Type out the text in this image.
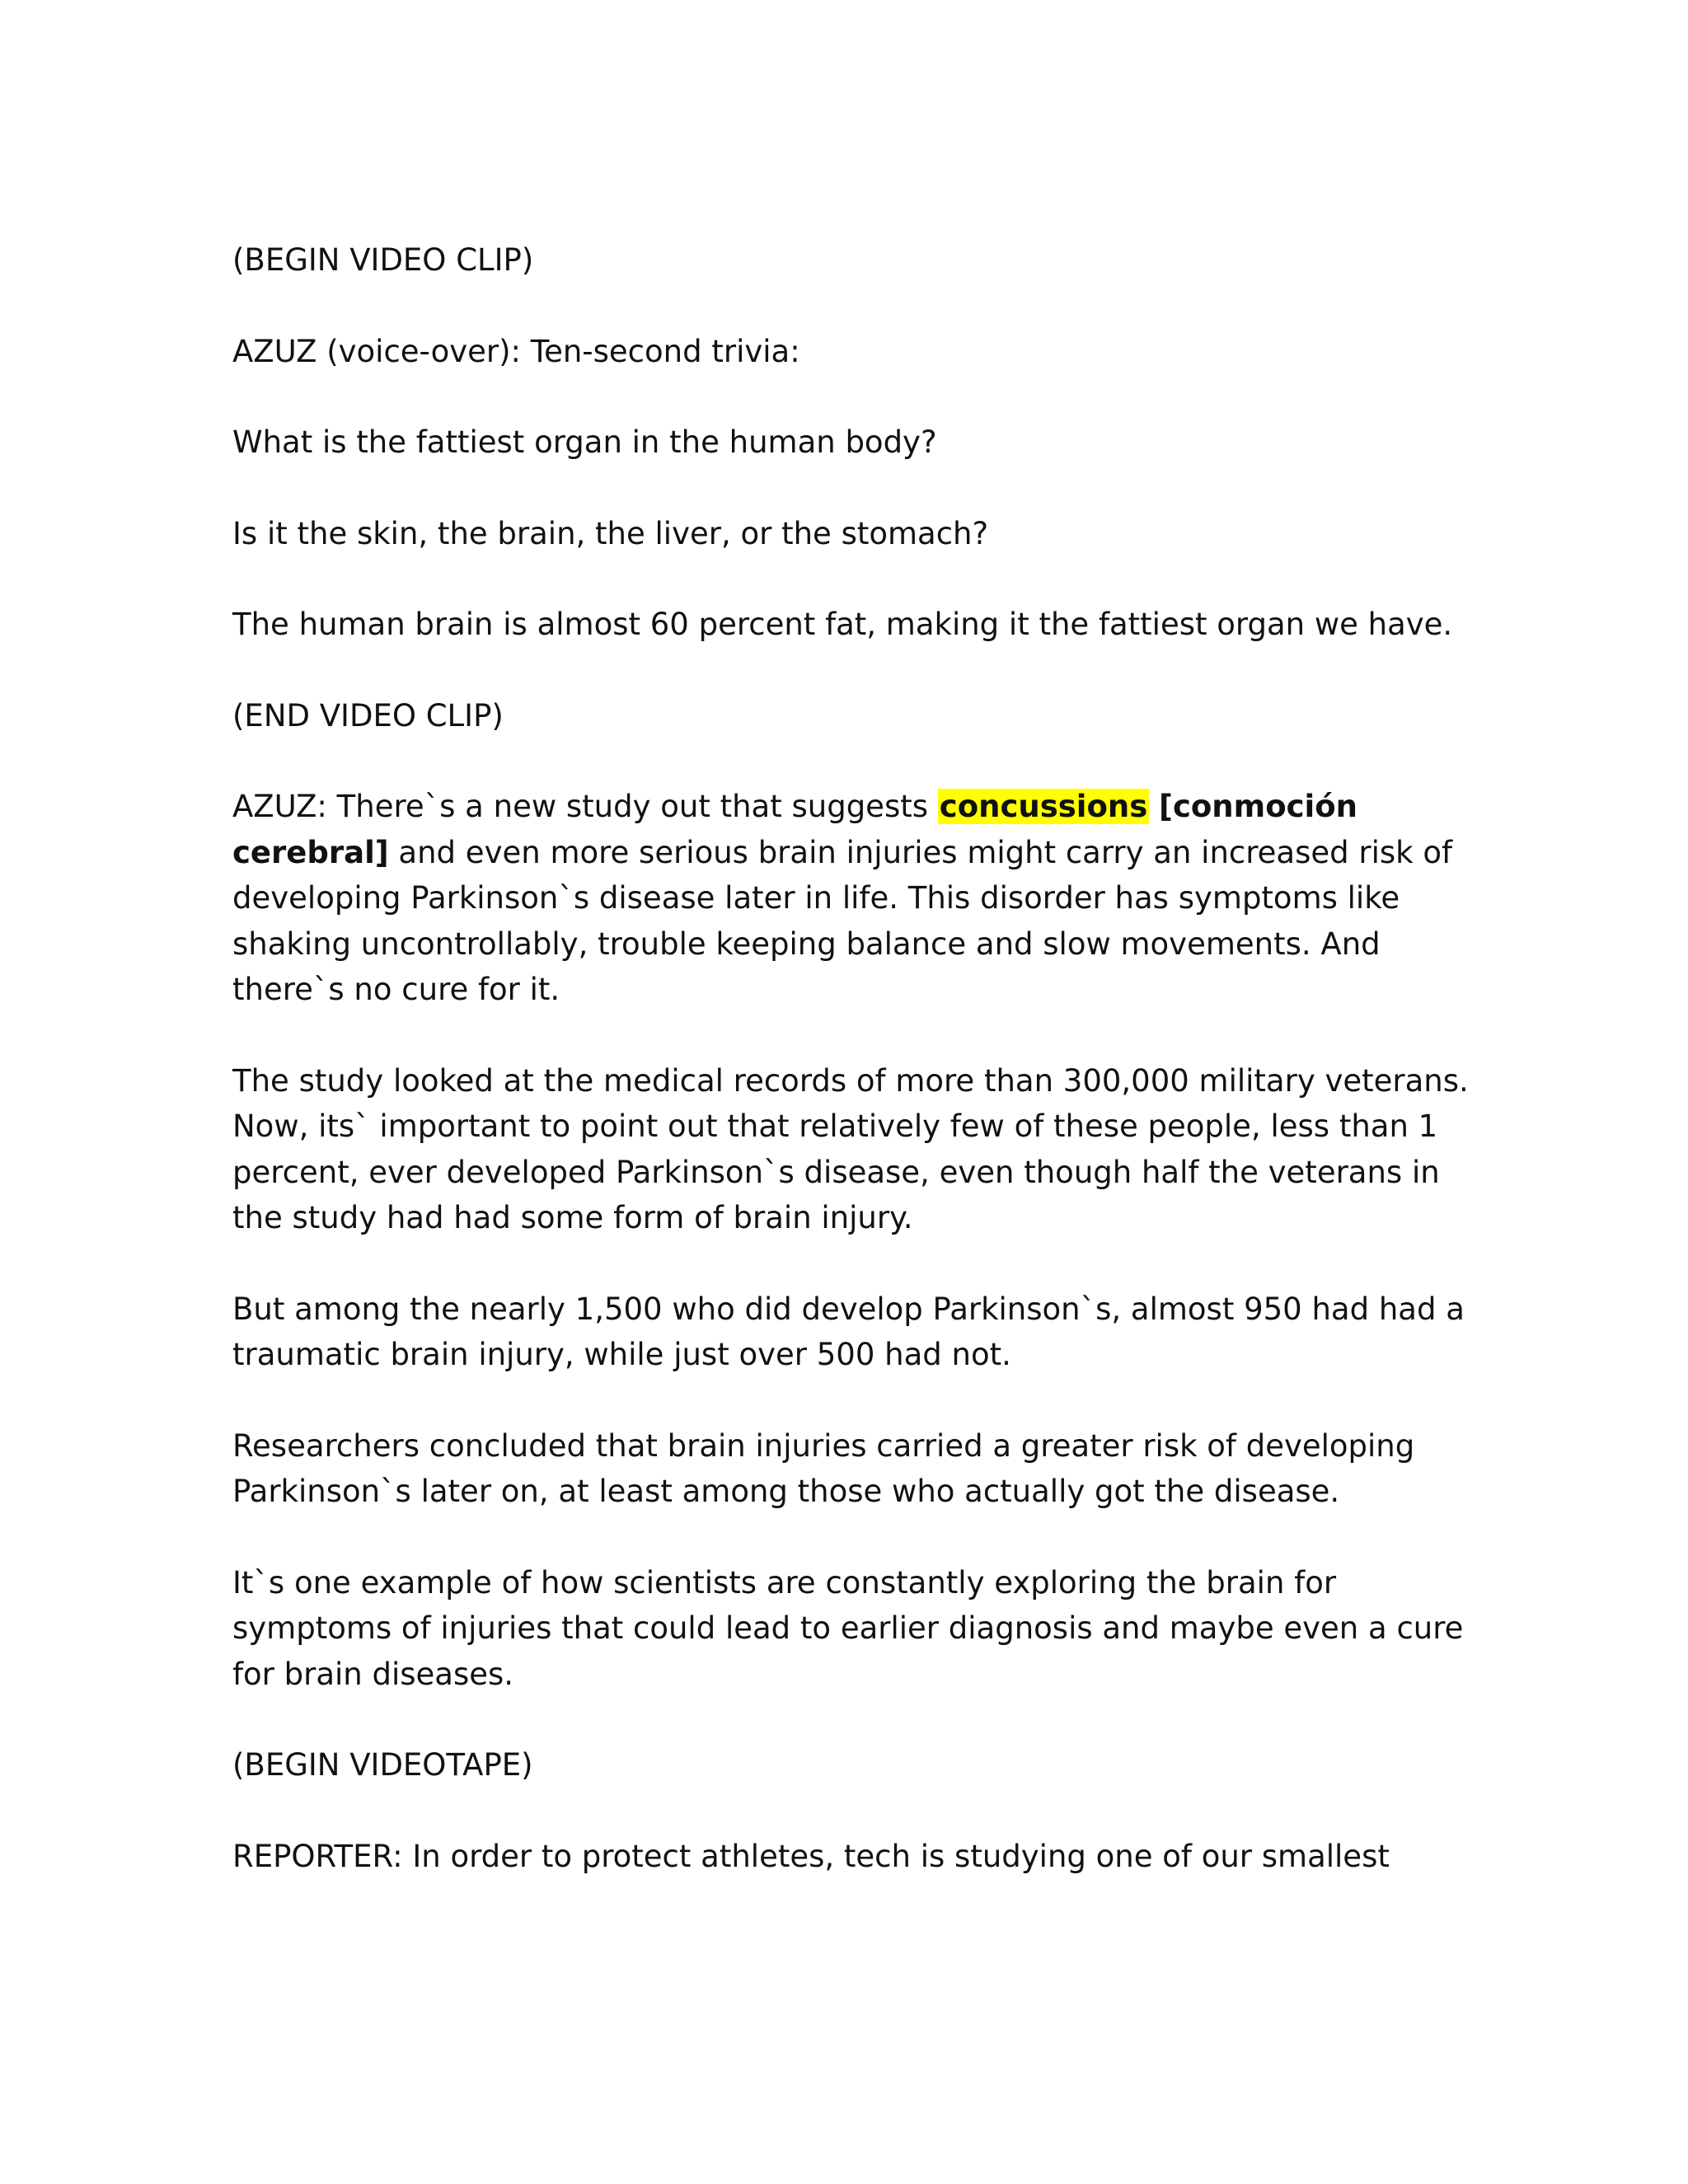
(BEGIN VIDEO CLIP)

AZUZ (voice-over): Ten-second trivia:

What is the fattiest organ in the human body?

Is it the skin, the brain, the liver, or the stomach?

The human brain is almost 60 percent fat, making it the fattiest organ we have.

(END VIDEO CLIP)

AZUZ: There`s a new study out that suggests concussions [conmoción cerebral] and even more serious brain injuries might carry an increased risk of developing Parkinson`s disease later in life. This disorder has symptoms like shaking uncontrollably, trouble keeping balance and slow movements. And there`s no cure for it.

The study looked at the medical records of more than 300,000 military veterans. Now, its` important to point out that relatively few of these people, less than 1 percent, ever developed Parkinson`s disease, even though half the veterans in the study had had some form of brain injury.

But among the nearly 1,500 who did develop Parkinson`s, almost 950 had had a traumatic brain injury, while just over 500 had not.

Researchers concluded that brain injuries carried a greater risk of developing Parkinson`s later on, at least among those who actually got the disease.

It`s one example of how scientists are constantly exploring the brain for symptoms of injuries that could lead to earlier diagnosis and maybe even a cure for brain diseases.

(BEGIN VIDEOTAPE)

REPORTER: In order to protect athletes, tech is studying one of our smallest
